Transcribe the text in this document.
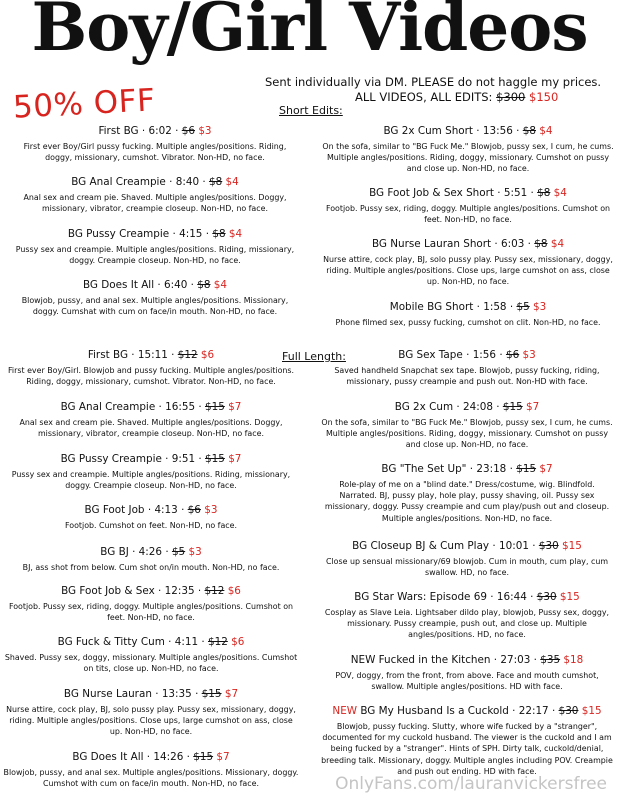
Boy/Girl Videos
50% OFF
Sent individually via DM. PLEASE do not haggle my prices.
ALL VIDEOS, ALL EDITS: $300 $150
Short Edits:
Full Length:
First BG · 6:02 · $6 $3
First ever Boy/Girl pussy fucking. Multiple angles/positions. Riding, doggy, missionary, cumshot. Vibrator. Non-HD, no face.
BG Anal Creampie · 8:40 · $8 $4
Anal sex and cream pie. Shaved. Multiple angles/positions. Doggy, missionary, vibrator, creampie closeup. Non-HD, no face.
BG Pussy Creampie · 4:15 · $8 $4
Pussy sex and creampie. Multiple angles/positions. Riding, missionary, doggy. Creampie closeup. Non-HD, no face.
BG Does It All · 6:40 · $8 $4
Blowjob, pussy, and anal sex. Multiple angles/positions. Missionary, doggy. Cumshat with cum on face/in mouth. Non-HD, no face.
BG 2x Cum Short · 13:56 · $8 $4
On the sofa, similar to "BG Fuck Me." Blowjob, pussy sex, I cum, he cums. Multiple angles/positions. Riding, doggy, missionary. Cumshot on pussy and close up. Non-HD, no face.
BG Foot Job & Sex Short · 5:51 · $8 $4
Footjob. Pussy sex, riding, doggy. Multiple angles/positions. Cumshot on feet. Non-HD, no face.
BG Nurse Lauran Short · 6:03 · $8 $4
Nurse attire, cock play, BJ, solo pussy play. Pussy sex, missionary, doggy, riding. Multiple angles/positions. Close ups, large cumshot on ass, close up. Non-HD, no face.
Mobile BG Short · 1:58 · $5 $3
Phone filmed sex, pussy fucking, cumshot on clit. Non-HD, no face.
First BG · 15:11 · $12 $6
First ever Boy/Girl. Blowjob and pussy fucking. Multiple angles/positions. Riding, doggy, missionary, cumshot. Vibrator. Non-HD, no face.
BG Anal Creampie · 16:55 · $15 $7
Anal sex and cream pie. Shaved. Multiple angles/positions. Doggy, missionary, vibrator, creampie closeup. Non-HD, no face.
BG Pussy Creampie · 9:51 · $15 $7
Pussy sex and creampie. Multiple angles/positions. Riding, missionary, doggy. Creampie closeup. Non-HD, no face.
BG Foot Job · 4:13 · $6 $3
Footjob. Cumshot on feet. Non-HD, no face.
BG BJ · 4:26 · $5 $3
BJ, ass shot from below. Cum shot on/in mouth. Non-HD, no face.
BG Foot Job & Sex · 12:35 · $12 $6
Footjob. Pussy sex, riding, doggy. Multiple angles/positions. Cumshot on feet. Non-HD, no face.
BG Fuck & Titty Cum · 4:11 · $12 $6
Shaved. Pussy sex, doggy, missionary. Multiple angles/positions. Cumshot on tits, close up. Non-HD, no face.
BG Nurse Lauran · 13:35 · $15 $7
Nurse attire, cock play, BJ, solo pussy play. Pussy sex, missionary, doggy, riding. Multiple angles/positions. Close ups, large cumshot on ass, close up. Non-HD, no face.
BG Does It All · 14:26 · $15 $7
Blowjob, pussy, and anal sex. Multiple angles/positions. Missionary, doggy. Cumshot with cum on face/in mouth. Non-HD, no face.
BG Sex Tape · 1:56 · $6 $3
Saved handheld Snapchat sex tape. Blowjob, pussy fucking, riding, missionary, pussy creampie and push out. Non-HD with face.
BG 2x Cum · 24:08 · $15 $7
On the sofa, similar to "BG Fuck Me." Blowjob, pussy sex, I cum, he cums. Multiple angles/positions. Riding, doggy, missionary. Cumshot on pussy and close up. Non-HD, no face.
BG "The Set Up" · 23:18 · $15 $7
Role-play of me on a "blind date." Dress/costume, wig. Blindfold. Narrated. BJ, pussy play, hole play, pussy shaving, oil. Pussy sex missionary, doggy. Pussy creampie and cum play/push out and closeup. Multiple angles/positions. Non-HD, no face.
BG Closeup BJ & Cum Play · 10:01 · $30 $15
Close up sensual missionary/69 blowjob. Cum in mouth, cum play, cum swallow. HD, no face.
BG Star Wars: Episode 69 · 16:44 · $30 $15
Cosplay as Slave Leia. Lightsaber dildo play, blowjob, Pussy sex, doggy, missionary. Pussy creampie, push out, and close up. Multiple angles/positions. HD, no face.
NEW Fucked in the Kitchen · 27:03 · $35 $18
POV, doggy, from the front, from above. Face and mouth cumshot, swallow. Multiple angles/positions. HD with face.
NEW BG My Husband Is a Cuckold · 22:17 · $30 $15
Blowjob, pussy fucking. Slutty, whore wife fucked by a "stranger", documented for my cuckold husband. The viewer is the cuckold and I am being fucked by a "stranger". Hints of SPH. Dirty talk, cuckold/denial, breeding talk. Missionary, doggy. Multiple angles including POV. Creampie and push out ending. HD with face.
OnlyFans.com/lauranvickersfree
